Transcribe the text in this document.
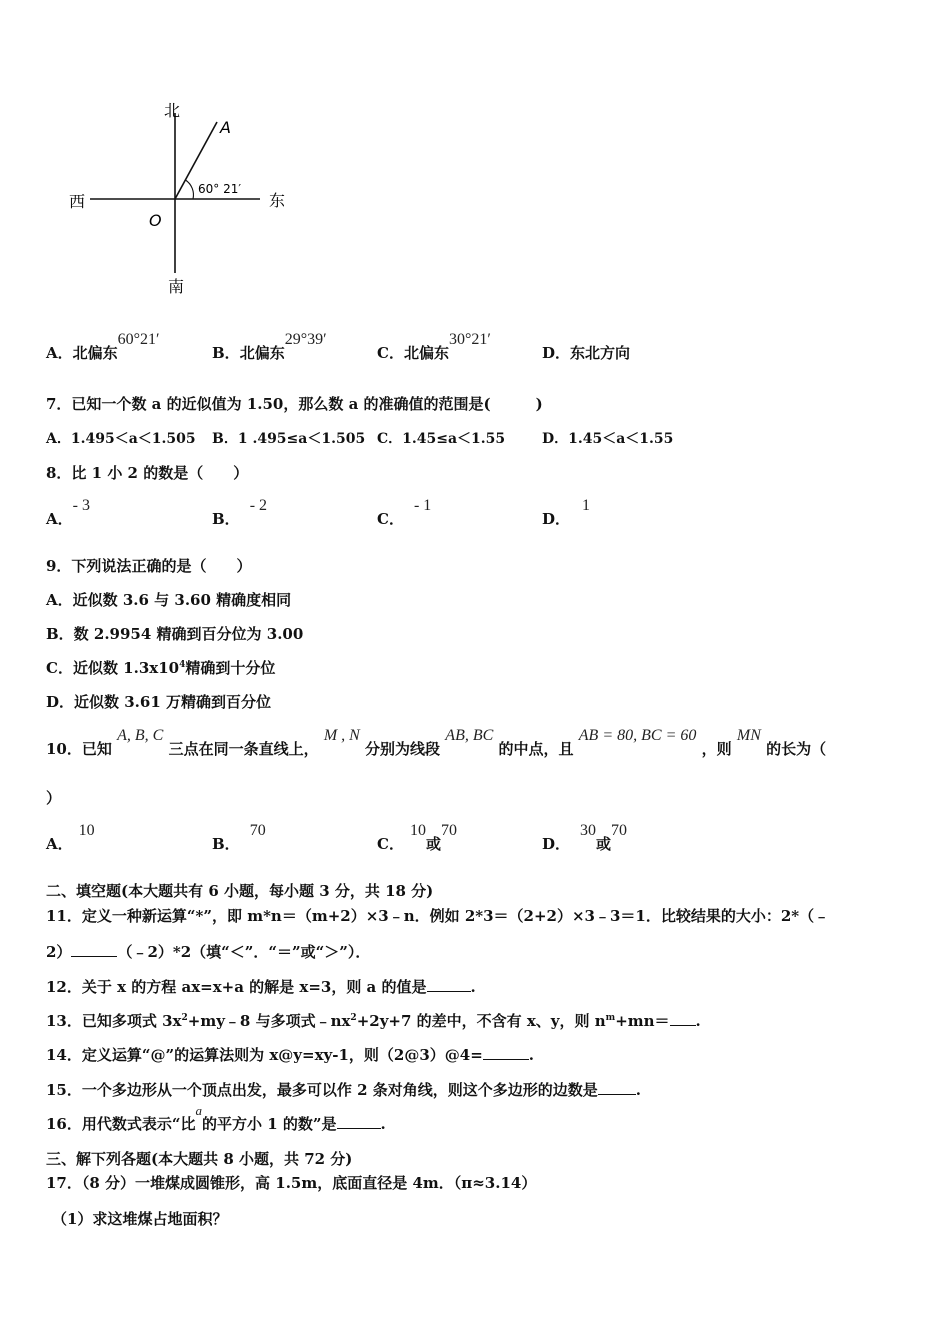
北
南
西	东
O
A
60° 21′
A．北偏东60°21′
B．北偏东29°39′
C．北偏东30°21′
D．东北方向
7．已知一个数 a 的近似值为 1.50，那么数 a 的准确值的范围是(　　　)
A．1.495＜a＜1.505 B．1 .495≤a＜1.505 C．1.45≤a＜1.55	D．1.45＜a＜1.55
8．比 1 小 2 的数是（　　）
A．- 3
B．- 2
C．- 1
D．1
9．下列说法正确的是（　　）
A．近似数 3.6 与 3.60 精确度相同
B．数 2.9954 精确到百分位为 3.00
C．近似数 $1.3x10^4$精确到十分位
D．近似数 3.61 万精确到百分位
10．已知 A, B, C 三点在同一条直线上， M , N 分别为线段 AB, BC 的中点，且 AB = 80, BC = 60 ，则 MN 的长为（
）
A．10
B．70
C．10或70
D．30或70
二、填空题(本大题共有 6 小题，每小题 3 分，共 18 分)
11．定义一种新运算“*”，即 m*n＝（m+2）×3﹣n．例如 2*3＝（2+2）×3﹣3＝1．比较结果的大小：2*（﹣
2）	（﹣2）*2（填“＜”．“＝”或“＞”）．
12．关于 x 的方程 ax=x+a 的解是 x=3，则 a 的值是	.
13．已知多项式 $3x^2+my﹣8$ 与多项式$﹣nx^2+2y+7$ 的差中，不含有 x、y，则 $n^m+mn=$ .
14．定义运算“@”的运算法则为 x@y=xy-1，则（2@3）@4=	.
15．一个多边形从一个顶点出发，最多可以作 2 条对角线，则这个多边形的边数是	.
16．用代数式表示“比a的平方小 1 的数”是	.
三、解下列各题(本大题共 8 小题，共 72 分)
17．（8 分）一堆煤成圆锥形，高 1.5m，底面直径是 4m．（π≈3.14）
（1）求这堆煤占地面积？
